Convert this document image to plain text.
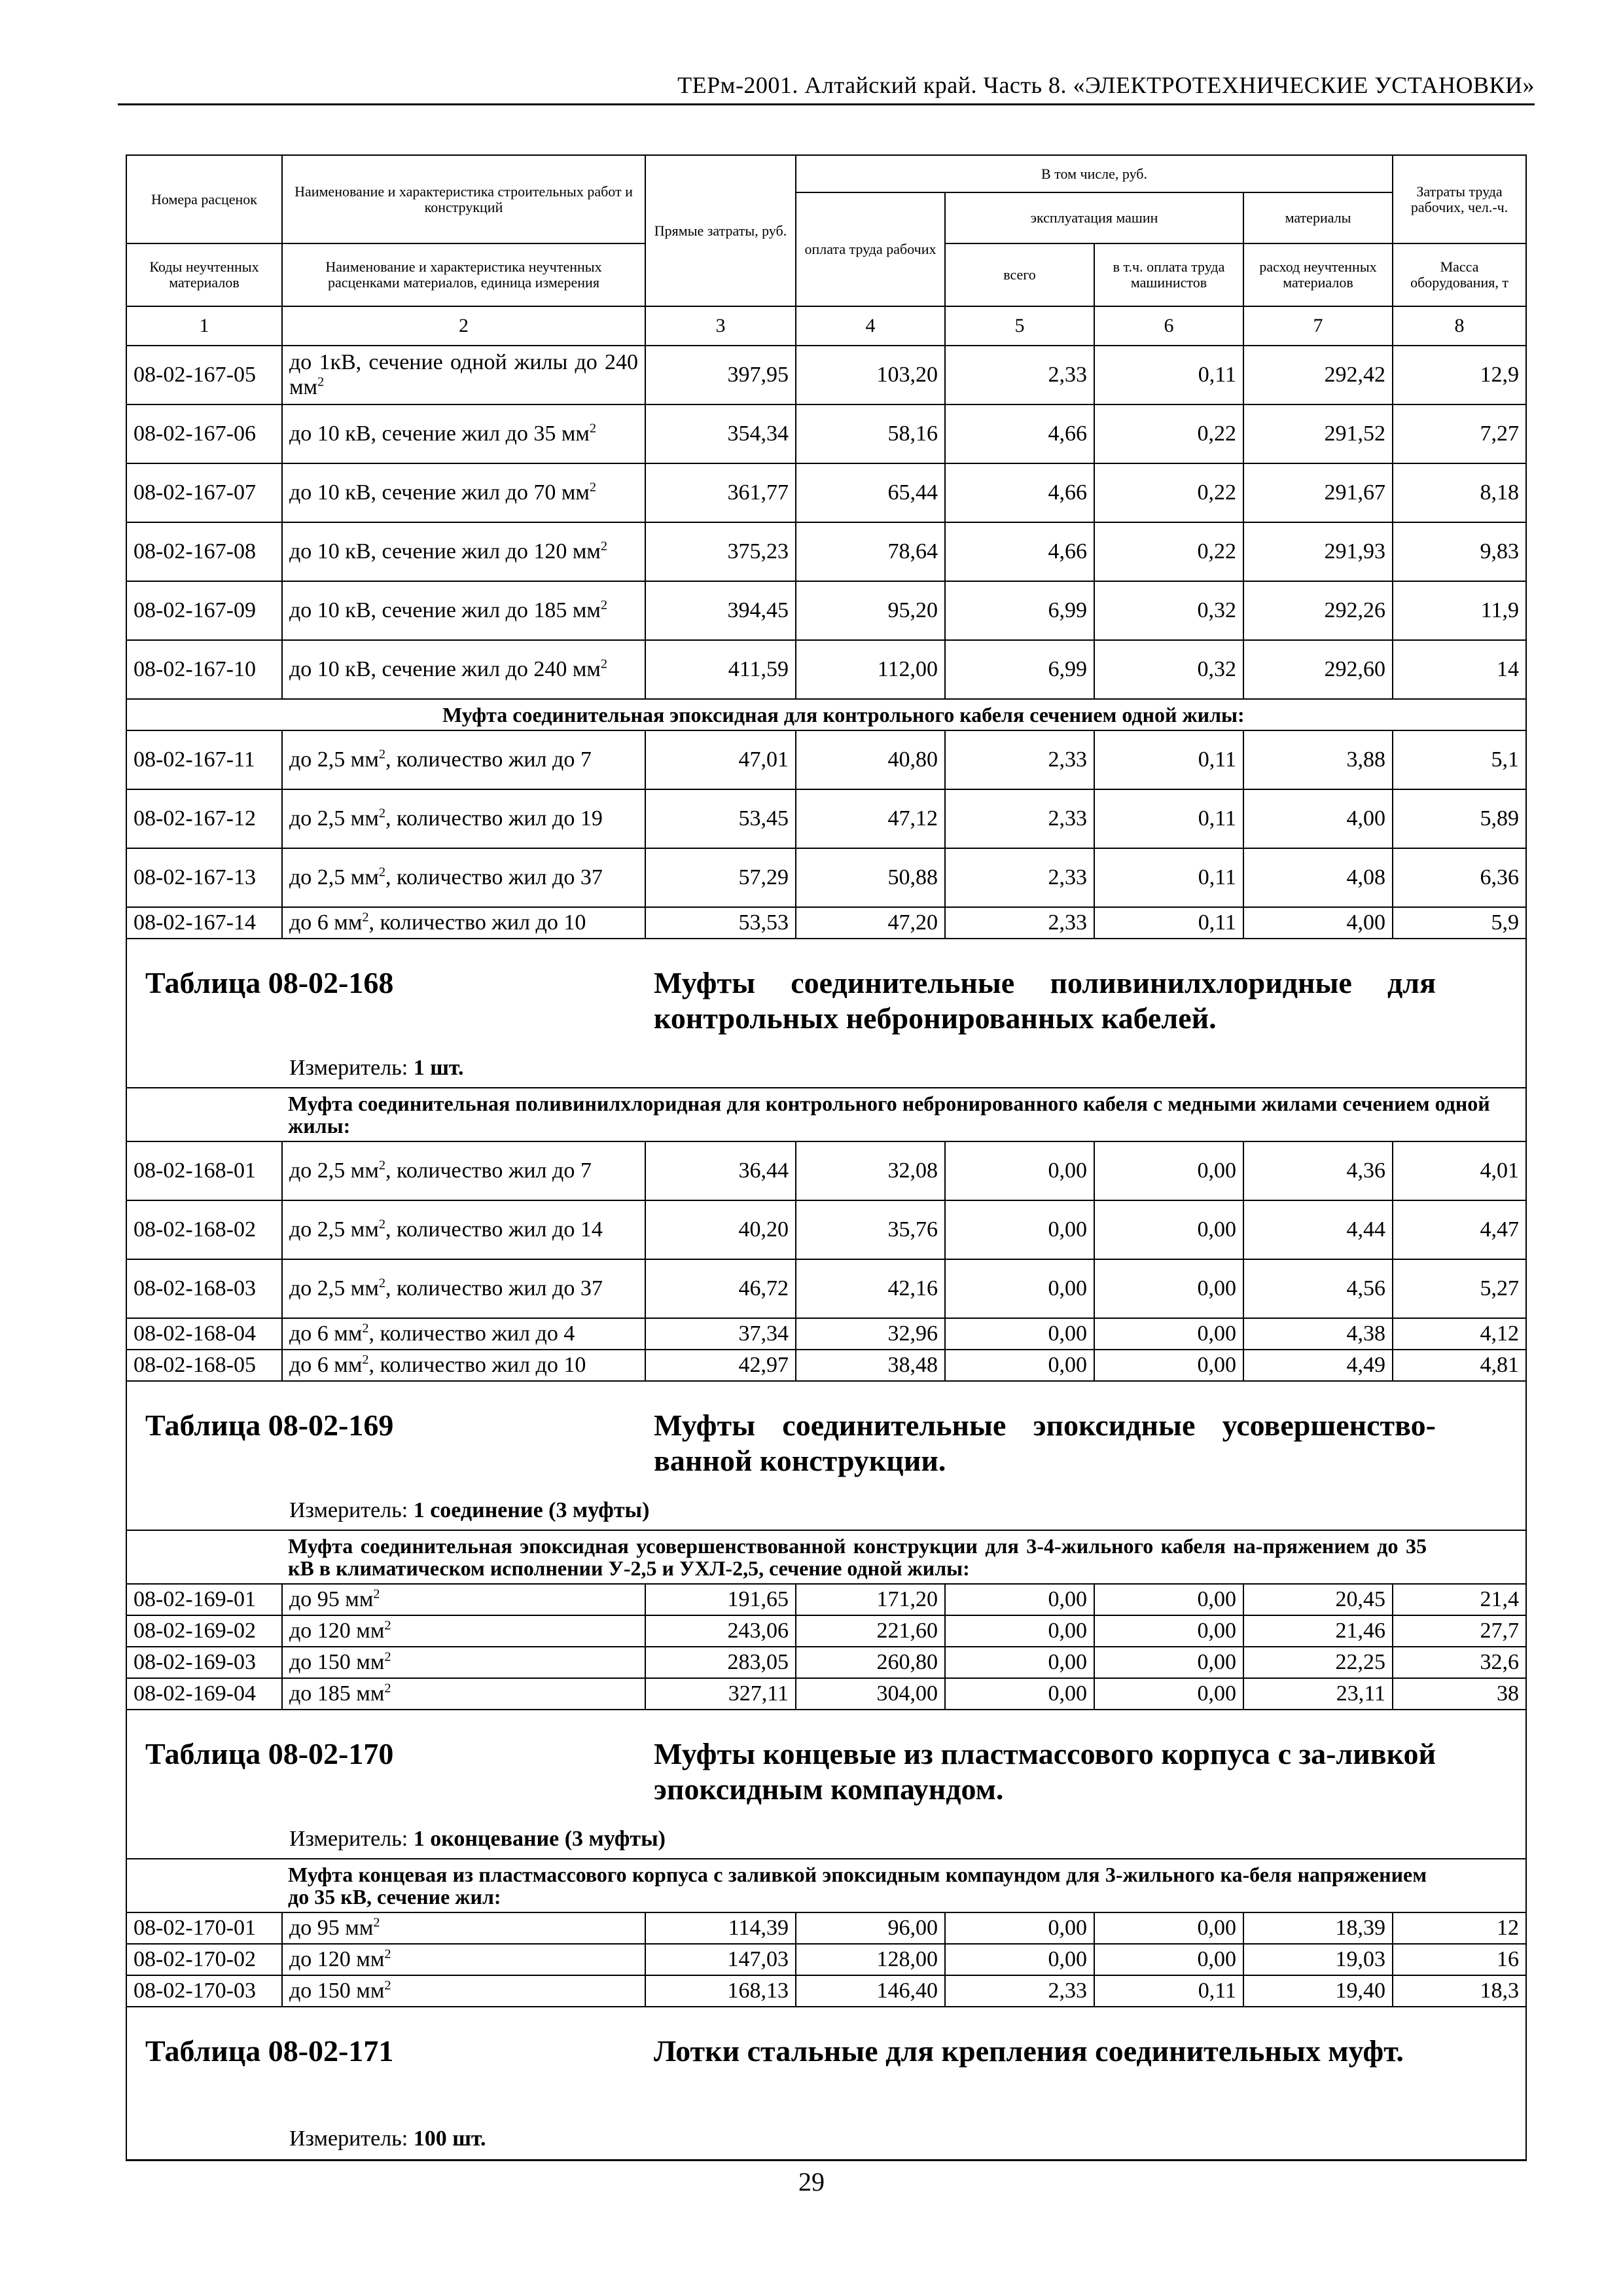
ТЕРм-2001. Алтайский край. Часть 8. «ЭЛЕКТРОТЕХНИЧЕСКИЕ УСТАНОВКИ»
Номера расценок	Наименование и характеристика строительных работ и конструкций	Прямые затраты, руб.	В том числе, руб.				Затраты труда рабочих, чел.-ч.
			оплата труда рабочих	эксплуатация машин		материалы	
Коды неучтенных материалов	Наименование и характеристика неучтенных расценками материалов, единица измерения			всего	в т.ч. оплата труда машинистов	расход неучтенных материалов	Масса оборудования, т
1	2	3	4	5	6	7	8
08-02-167-05	до 1кВ, сечение одной жилы до 240 $мм^2$	397,95	103,20	2,33	0,11	292,42	12,9
08-02-167-06	до 10 кВ, сечение жил до 35 $мм^2$	354,34	58,16	4,66	0,22	291,52	7,27
08-02-167-07	до 10 кВ, сечение жил до 70 $мм^2$	361,77	65,44	4,66	0,22	291,67	8,18
08-02-167-08	до 10 кВ, сечение жил до 120 $мм^2$	375,23	78,64	4,66	0,22	291,93	9,83
08-02-167-09	до 10 кВ, сечение жил до 185 $мм^2$	394,45	95,20	6,99	0,32	292,26	11,9
08-02-167-10	до 10 кВ, сечение жил до 240 $мм^2$	411,59	112,00	6,99	0,32	292,60	14
Муфта соединительная эпоксидная для контрольного кабеля сечением одной жилы:							
08-02-167-11	до 2,5 $мм^2$, количество жил до 7	47,01	40,80	2,33	0,11	3,88	5,1
08-02-167-12	до 2,5 $мм^2$, количество жил до 19	53,45	47,12	2,33	0,11	4,00	5,89
08-02-167-13	до 2,5 $мм^2$, количество жил до 37	57,29	50,88	2,33	0,11	4,08	6,36
08-02-167-14	до 6 $мм^2$, количество жил до 10	53,53	47,20	2,33	0,11	4,00	5,9

Таблица 08-02-168 Муфты соединительные поливинилхлоридные для контрольных небронированных кабелей.
Измеритель: 1 шт.							

Муфта соединительная поливинилхлоридная для контрольного небронированного кабеля с медными жилами сечением одной жилы:							

08-02-168-01	до 2,5 $мм^2$, количество жил до 7	36,44	32,08	0,00	0,00	4,36	4,01
08-02-168-02	до 2,5 $мм^2$, количество жил до 14	40,20	35,76	0,00	0,00	4,44	4,47
08-02-168-03	до 2,5 $мм^2$, количество жил до 37	46,72	42,16	0,00	0,00	4,56	5,27
08-02-168-04	до 6 $мм^2$, количество жил до 4	37,34	32,96	0,00	0,00	4,38	4,12
08-02-168-05	до 6 $мм^2$, количество жил до 10	42,97	38,48	0,00	0,00	4,49	4,81

Таблица 08-02-169 Муфты соединительные эпоксидные усовершенство-ванной конструкции.
Измеритель: 1 соединение (3 муфты)							

Муфта соединительная эпоксидная усовершенствованной конструкции для 3-4-жильного кабеля на-пряжением до 35 кВ в климатическом исполнении У-2,5 и УХЛ-2,5, сечение одной жилы:							

08-02-169-01	до 95 $мм^2$	191,65	171,20	0,00	0,00	20,45	21,4
08-02-169-02	до 120 $мм^2$	243,06	221,60	0,00	0,00	21,46	27,7
08-02-169-03	до 150 $мм^2$	283,05	260,80	0,00	0,00	22,25	32,6
08-02-169-04	до 185 $мм^2$	327,11	304,00	0,00	0,00	23,11	38

Таблица 08-02-170 Муфты концевые из пластмассового корпуса с за-ливкой эпоксидным компаундом.
Измеритель: 1 оконцевание (3 муфты)							

Муфта концевая из пластмассового корпуса с заливкой эпоксидным компаундом для 3-жильного ка-беля напряжением до 35 кВ, сечение жил:							

08-02-170-01	до 95 $мм^2$	114,39	96,00	0,00	0,00	18,39	12
08-02-170-02	до 120 $мм^2$	147,03	128,00	0,00	0,00	19,03	16
08-02-170-03	до 150 $мм^2$	168,13	146,40	2,33	0,11	19,40	18,3

Таблица 08-02-171 Лотки стальные для крепления соединительных муфт.
Измеритель: 100 шт.							
29
